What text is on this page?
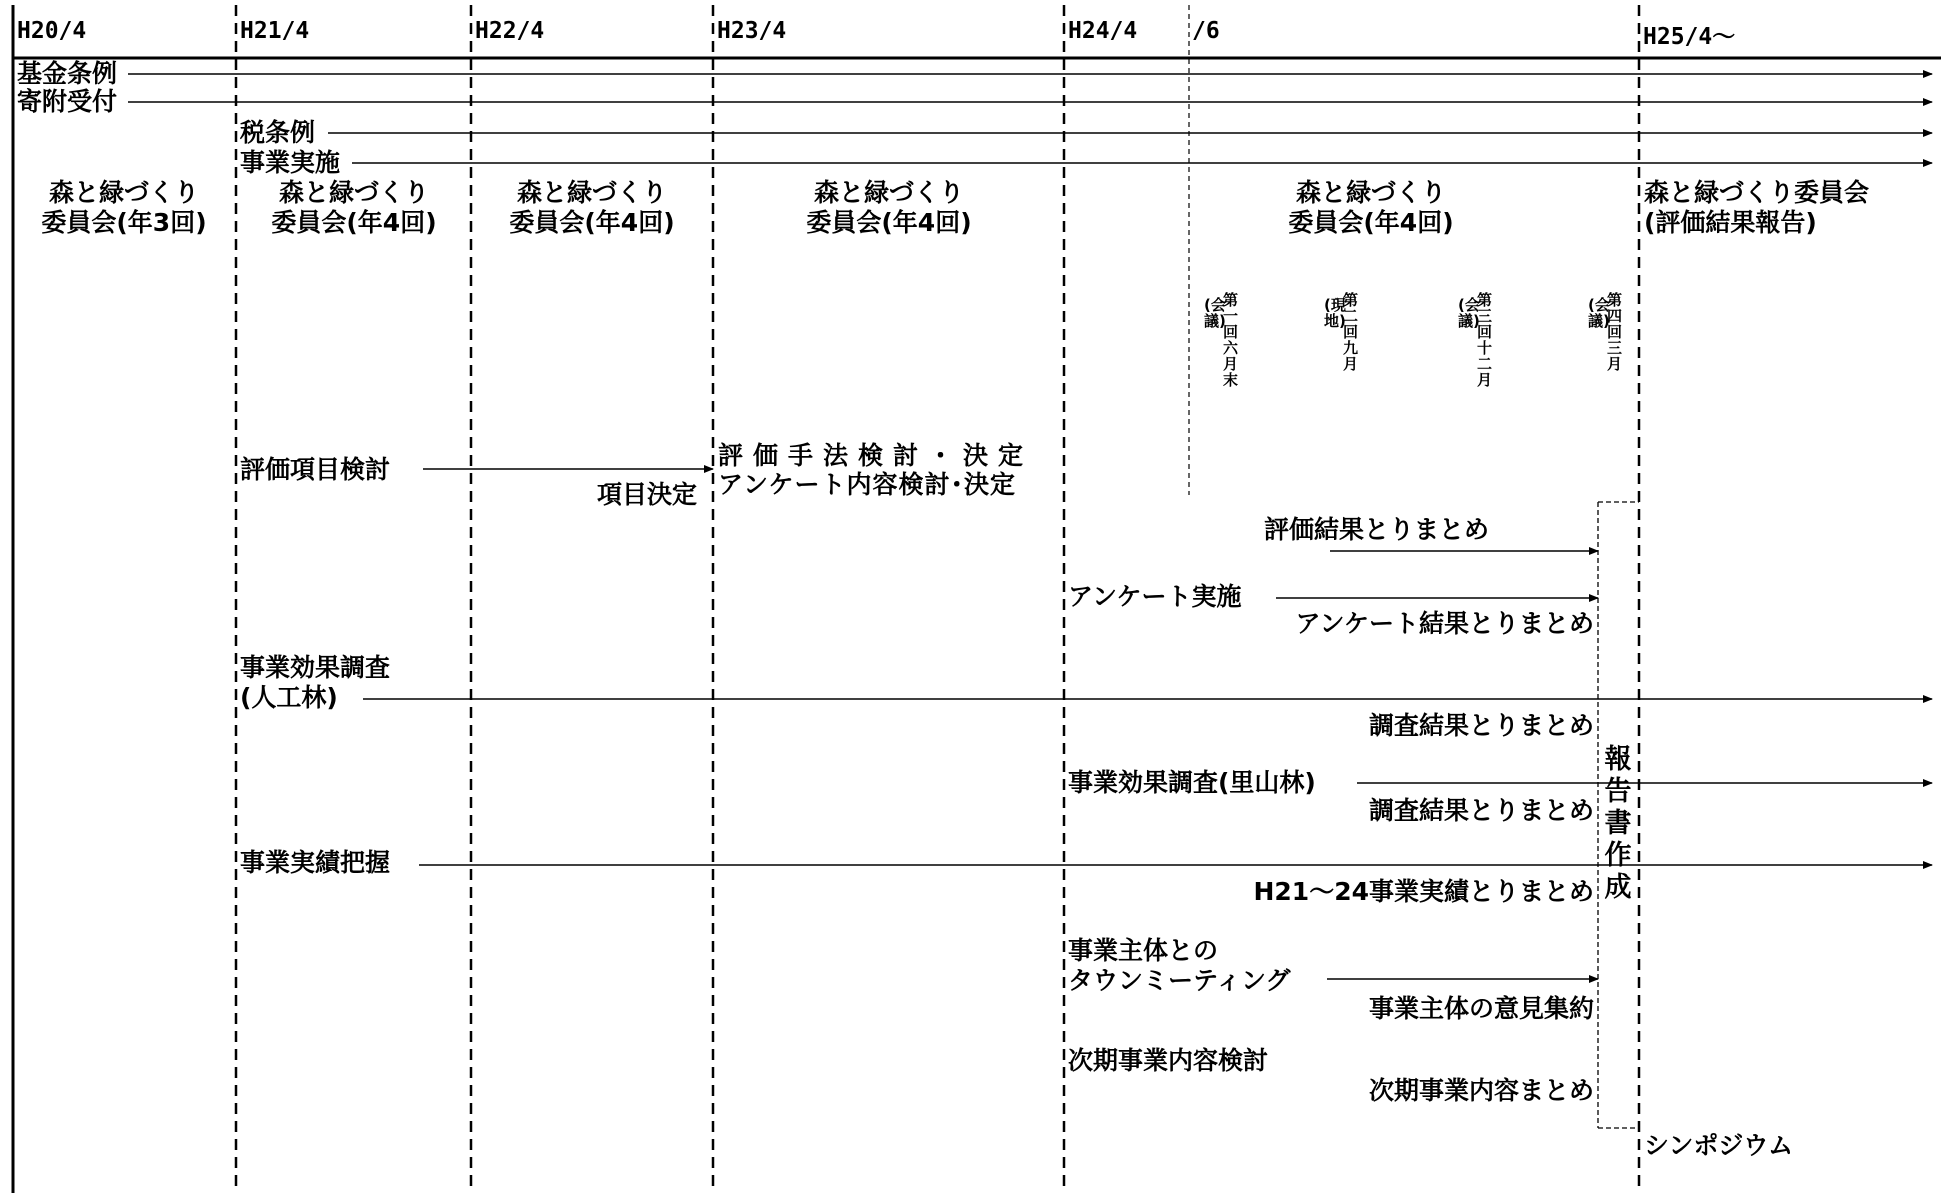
H20/4	H21/4	H22/4	H23/4	H24/4 /6	H25/4～
基金条例
寄附受付
税条例
事業実施
森と緑づくり
委員会(年3回)
森と緑づくり
委員会(年4回)
森と緑づくり
委員会(年4回)
森と緑づくり
委員会(年4回)
森と緑づくり
委員会(年4回)
森と緑づくり委員会
(評価結果報告)
第一回六月末
(会議)
第二回九月
(現地)
第三回十二月
(会議)
第四回三月
(会議)
評価項目検討
項目決定
評価手法検討・決定
アンケート内容検討･決定
評価結果とりまとめ
アンケート実施
アンケート結果とりまとめ
事業効果調査
(人工林)
調査結果とりまとめ
事業効果調査(里山林)
調査結果とりまとめ
事業実績把握
H21～24事業実績とりまとめ
事業主体との
タウンミーティング
事業主体の意見集約
次期事業内容検討
次期事業内容まとめ
報告書作成
シンポジウム
